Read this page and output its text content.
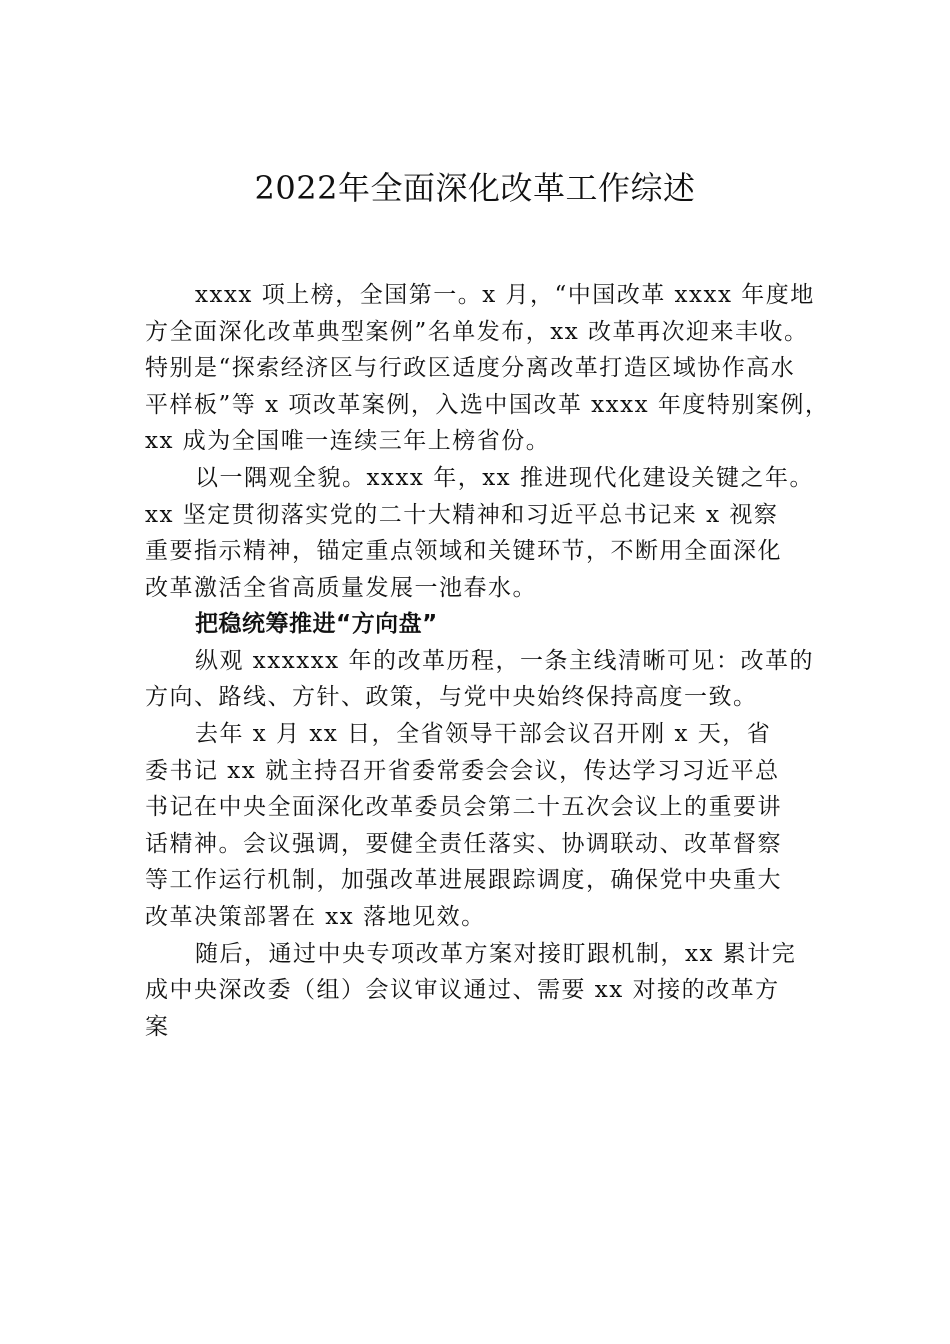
2022年全面深化改革工作综述
xxxx 项上榜，全国第一。x 月，“中国改革 xxxx 年度地
方全面深化改革典型案例”名单发布，xx 改革再次迎来丰收。
特别是“探索经济区与行政区适度分离改革打造区域协作高水
平样板”等 x 项改革案例，入选中国改革 xxxx 年度特别案例，
xx 成为全国唯一连续三年上榜省份。
以一隅观全貌。xxxx 年，xx 推进现代化建设关键之年。
xx 坚定贯彻落实党的二十大精神和习近平总书记来 x 视察
重要指示精神，锚定重点领域和关键环节，不断用全面深化
改革激活全省高质量发展一池春水。

把稳统筹推进“方向盘”

纵观 xxxxxx 年的改革历程，一条主线清晰可见：改革的
方向、路线、方针、政策，与党中央始终保持高度一致。
去年 x 月 xx 日，全省领导干部会议召开刚 x 天，省
委书记 xx 就主持召开省委常委会会议，传达学习习近平总
书记在中央全面深化改革委员会第二十五次会议上的重要讲
话精神。会议强调，要健全责任落实、协调联动、改革督察
等工作运行机制，加强改革进展跟踪调度，确保党中央重大
改革决策部署在 xx 落地见效。
随后，通过中央专项改革方案对接盯跟机制，xx 累计完
成中央深改委（组）会议审议通过、需要 xx 对接的改革方
案
